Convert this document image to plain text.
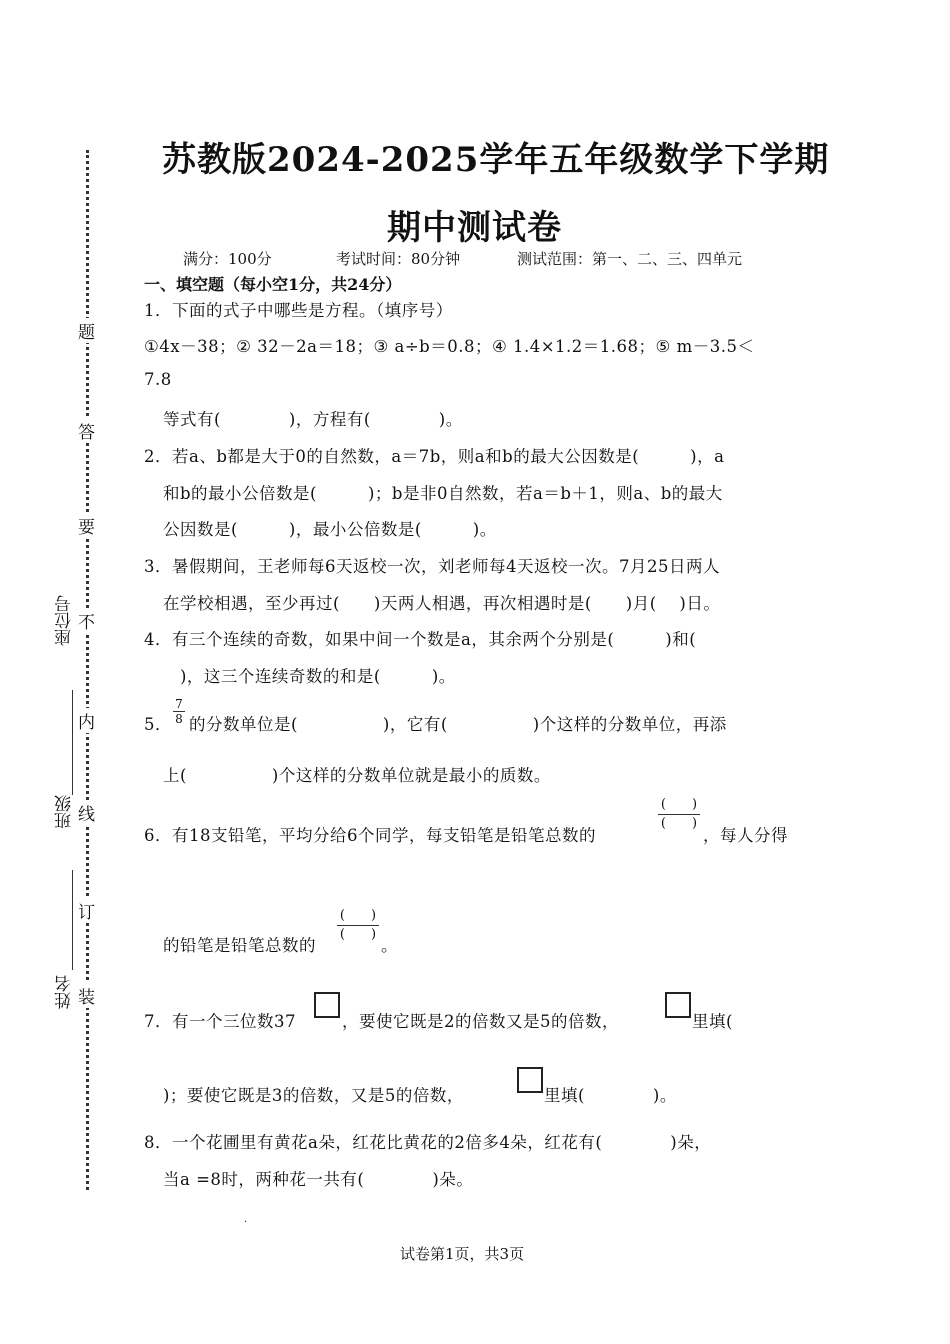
题
答
要
不
内
线
订
装
座位号
班级
姓名
苏教版2024-2025学年五年级数学下学期
期中测试卷
满分：100分	考试时间：80分钟	测试范围：第一、二、三、四单元
一、填空题（每小空1分，共24分）
1．下面的式子中哪些是方程。（填序号）
①4x－38；② 32－2a＝18；③ a÷b＝0.8；④ 1.4×1.2＝1.68；⑤ m－3.5＜
7.8
等式有(　　　　)，方程有(　　　　)。
2．若a、b都是大于0的自然数，a＝7b，则a和b的最大公因数是(　　　)，a
和b的最小公倍数是(　　　)；b是非0自然数，若a＝b＋1，则a、b的最大
公因数是(　　　)，最小公倍数是(　　　)。
3．暑假期间，王老师每6天返校一次，刘老师每4天返校一次。7月25日两人
在学校相遇，至少再过(　　)天两人相遇，再次相遇时是(　　)月(　 )日。
4．有三个连续的奇数，如果中间一个数是a，其余两个分别是(　　　)和(
)，这三个连续奇数的和是(　　　)。
5． $\frac{7}{8}$ 的分数单位是(　　　　　)，它有(　　　　　)个这样的分数单位，再添
上(　　　　　)个这样的分数单位就是最小的质数。
6．有18支铅笔，平均分给6个同学，每支铅笔是铅笔总数的
(　　)
(　　)
，每人分得
的铅笔是铅笔总数的
(　　)
(　　)
。
7．有一个三位数37	，要使它既是2的倍数又是5的倍数，	里填(
)；要使它既是3的倍数，又是5的倍数，	里填(　　　　)。
8．一个花圃里有黄花a朵，红花比黄花的2倍多4朵，红花有(　　　　)朵，
当a =8时，两种花一共有(　　　　)朵。
.
试卷第1页，共3页
